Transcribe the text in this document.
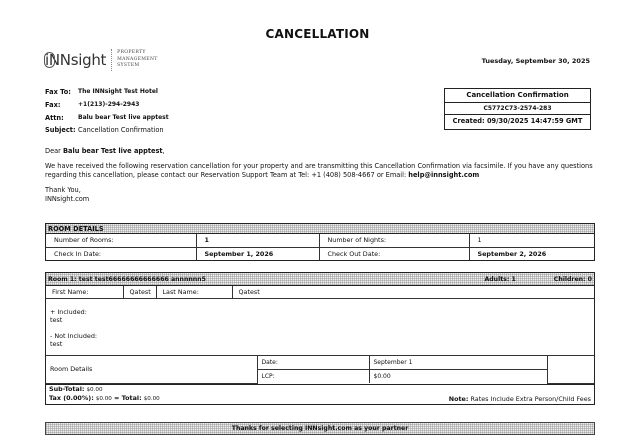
CANCELLATION
iNNsight PROPERTY
MANAGEMENT
SYSTEM
Tuesday, September 30, 2025
Fax To:	The INNsight Test Hotel
Fax:	+1(213)-294-2943
Attn:	Balu bear Test live apptest
Subject: Cancellation Confirmation
Cancellation Confirmation
C5772C73-2574-283
Created: 09/30/2025 14:47:59 GMT

Dear Balu bear Test live apptest,

We have received the following reservation cancellation for your property and are transmitting this Cancellation Confirmation via facsimile. If you have any questions regarding this cancellation, please contact our Reservation Support Team at Tel: +1 (408) 508-4667 or Email: help@innsight.com

Thank You,
INNsight.com

ROOM DETAILS
Number of Rooms:	1	Number of Nights:	1
Check In Date:	September 1, 2026	Check Out Date:	September 2, 2026
Room 1: test test66666666666666 annnnnn5	Adults: 1	Children: 0
First Name:	Qatest	Last Name:	Qatest
+ Included:
test
- Not Included:
test
Room Details	Date:	September 1	
	LCP:	$0.00	
Sub-Total: $0.00
Tax (0.00%): $0.00 = Total: $0.00	Note: Rates Include Extra Person/Child Fees
Thanks for selecting INNsight.com as your partner
